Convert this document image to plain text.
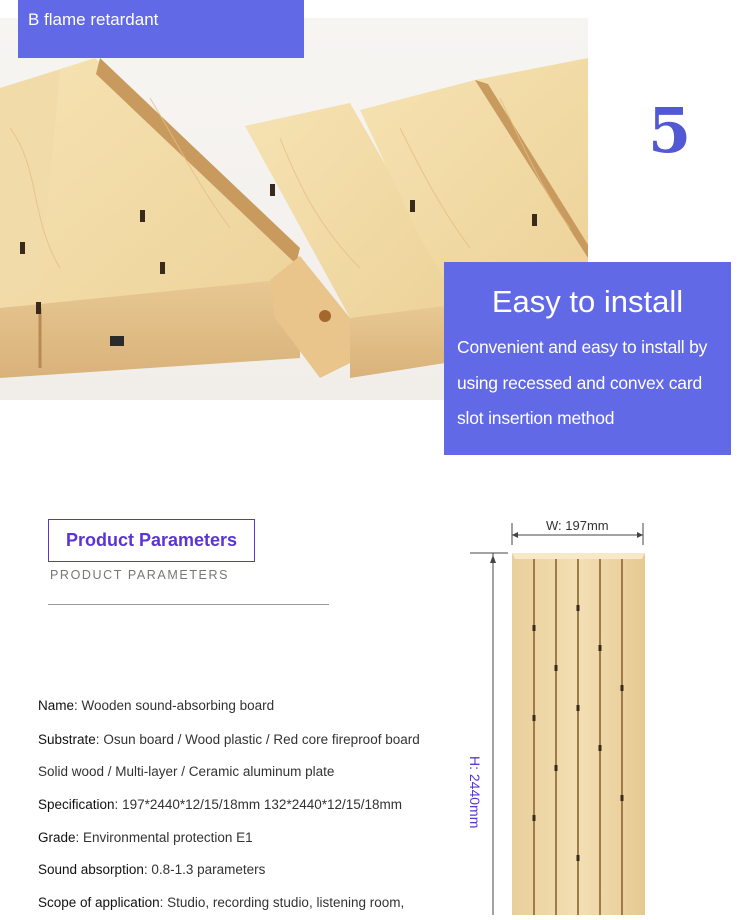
B flame retardant
5
Easy to install
Convenient and easy to install by using recessed and convex card slot insertion method
Product Parameters
PRODUCT PARAMETERS
Name: Wooden sound-absorbing board
Substrate: Osun board / Wood plastic / Red core fireproof board
Solid wood / Multi-layer / Ceramic aluminum plate
Specification: 197*2440*12/15/18mm 132*2440*12/15/18mm
Grade: Environmental protection E1
Sound absorption: 0.8-1.3 parameters
Scope of application: Studio, recording studio, listening room,
W: 197mm
H: 2440mm
